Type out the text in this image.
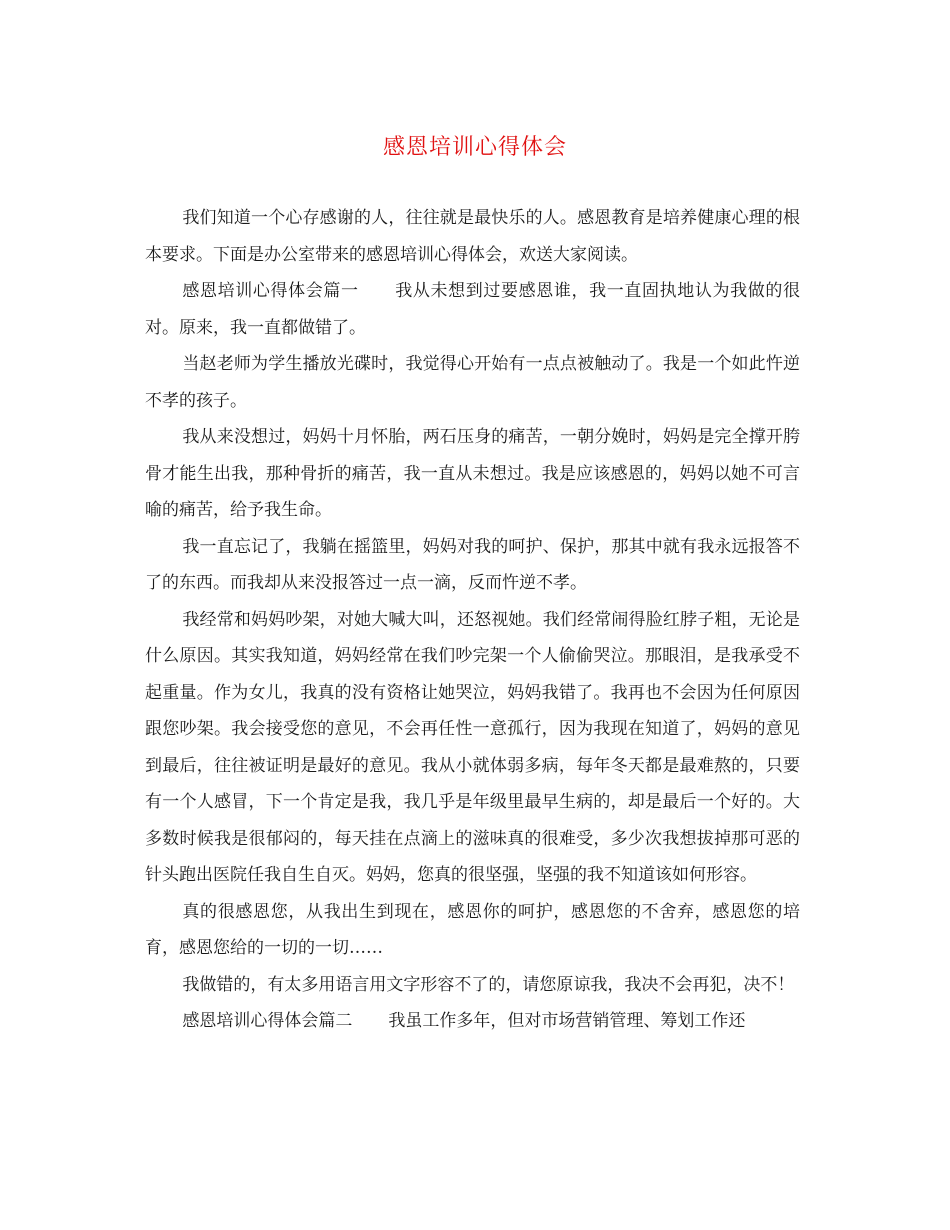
感恩培训心得体会

我们知道一个心存感谢的人，往往就是最快乐的人。感恩教育是培养健康心理的根本要求。下面是办公室带来的感恩培训心得体会，欢送大家阅读。

感恩培训心得体会篇一 我从未想到过要感恩谁，我一直固执地认为我做的很对。原来，我一直都做错了。

当赵老师为学生播放光碟时，我觉得心开始有一点点被触动了。我是一个如此忤逆不孝的孩子。

我从来没想过，妈妈十月怀胎，两石压身的痛苦，一朝分娩时，妈妈是完全撑开胯骨才能生出我，那种骨折的痛苦，我一直从未想过。我是应该感恩的，妈妈以她不可言喻的痛苦，给予我生命。

我一直忘记了，我躺在摇篮里，妈妈对我的呵护、保护，那其中就有我永远报答不了的东西。而我却从来没报答过一点一滴，反而忤逆不孝。

我经常和妈妈吵架，对她大喊大叫，还怒视她。我们经常闹得脸红脖子粗，无论是什么原因。其实我知道，妈妈经常在我们吵完架一个人偷偷哭泣。那眼泪，是我承受不起重量。作为女儿，我真的没有资格让她哭泣，妈妈我错了。我再也不会因为任何原因跟您吵架。我会接受您的意见，不会再任性一意孤行，因为我现在知道了，妈妈的意见到最后，往往被证明是最好的意见。我从小就体弱多病，每年冬天都是最难熬的，只要有一个人感冒，下一个肯定是我，我几乎是年级里最早生病的，却是最后一个好的。大多数时候我是很郁闷的，每天挂在点滴上的滋味真的很难受，多少次我想拔掉那可恶的针头跑出医院任我自生自灭。妈妈，您真的很坚强，坚强的我不知道该如何形容。

真的很感恩您，从我出生到现在，感恩你的呵护，感恩您的不舍弃，感恩您的培育，感恩您给的一切的一切……

我做错的，有太多用语言用文字形容不了的，请您原谅我，我决不会再犯，决不！

感恩培训心得体会篇二 我虽工作多年，但对市场营销管理、筹划工作还
